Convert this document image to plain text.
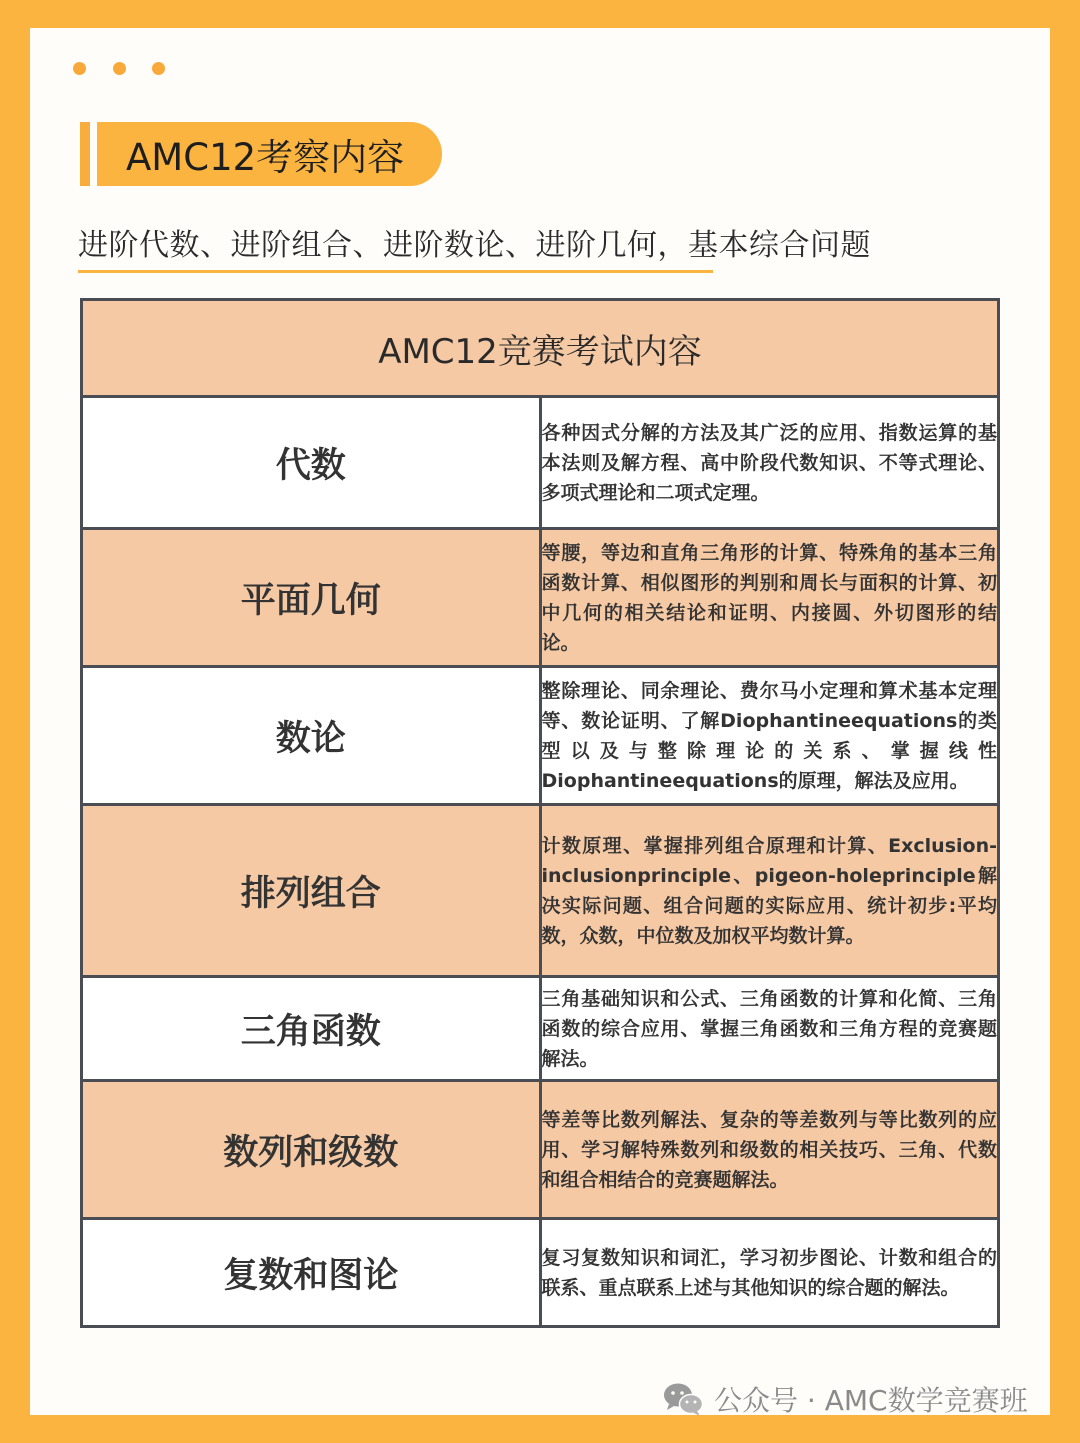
AMC12考察内容
进阶代数、进阶组合、进阶数论、进阶几何，基本综合问题
AMC12竞赛考试内容	
代数	各种因式分解的方法及其广泛的应用、指数运算的基本法则及解方程、高中阶段代数知识、不等式理论、多项式理论和二项式定理。
平面几何	等腰，等边和直角三角形的计算、特殊角的基本三角函数计算、相似图形的判别和周长与面积的计算、初中几何的相关结论和证明、内接圆、外切图形的结论。
数论	整除理论、同余理论、费尔马小定理和算术基本定理等、数论证明、了解Diophantineequations的类型以及与整除理论的关系、掌握线性Diophantineequations的原理，解法及应用。
排列组合	计数原理、掌握排列组合原理和计算、Exclusion-inclusionprinciple、pigeon-holeprinciple解决实际问题、组合问题的实际应用、统计初步:平均数，众数，中位数及加权平均数计算。
三角函数	三角基础知识和公式、三角函数的计算和化简、三角函数的综合应用、掌握三角函数和三角方程的竞赛题解法。
数列和级数	等差等比数列解法、复杂的等差数列与等比数列的应用、学习解特殊数列和级数的相关技巧、三角、代数和组合相结合的竞赛题解法。
复数和图论	复习复数知识和词汇，学习初步图论、计数和组合的联系、重点联系上述与其他知识的综合题的解法。
公众号 · AMC数学竞赛班
